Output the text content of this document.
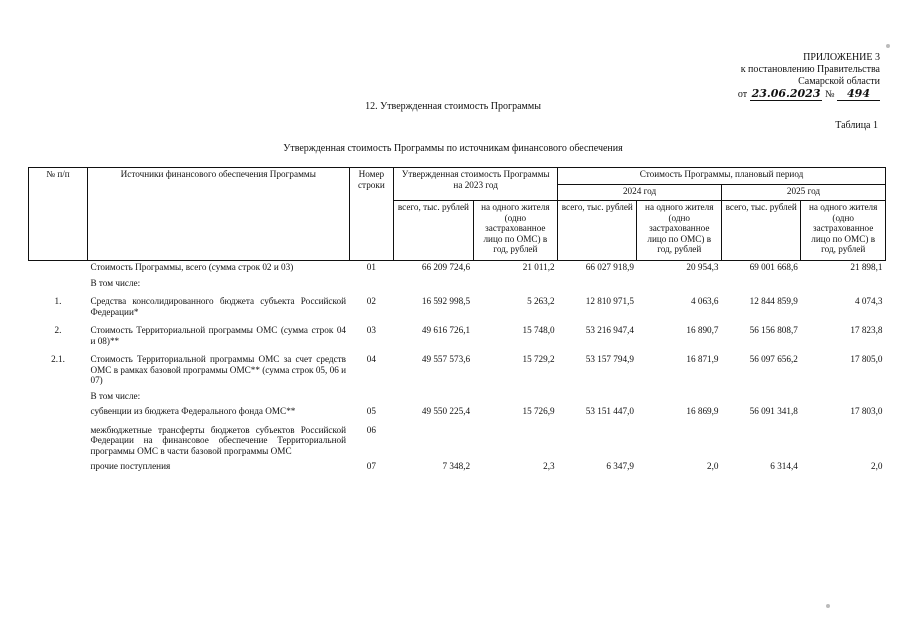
ПРИЛОЖЕНИЕ 3
к постановлению Правительства
Самарской области
от 23.06.2023 № 494
12. Утвержденная стоимость Программы
Таблица 1
Утвержденная стоимость Программы по источникам финансового обеспечения
№ п/п	Источники финансового обеспечения Программы	Номер строки	Утвержденная стоимость Программы на 2023 год		Стоимость Программы, плановый период			
					2024 год		2025 год	
			всего, тыс. рублей	на одного жителя (одно застрахованное лицо по ОМС) в год, рублей	всего, тыс. рублей	на одного жителя (одно застрахованное лицо по ОМС) в год, рублей	всего, тыс. рублей	на одного жителя (одно застрахованное лицо по ОМС) в год, рублей
	Стоимость Программы, всего (сумма строк 02 и 03)	01	66 209 724,6	21 011,2	66 027 918,9	20 954,3	69 001 668,6	21 898,1
	В том числе:							
1.	Средства консолидированного бюджета субъекта Российской Федерации*	02	16 592 998,5	5 263,2	12 810 971,5	4 063,6	12 844 859,9	4 074,3
2.	Стоимость Территориальной программы ОМС (сумма строк 04 и 08)**	03	49 616 726,1	15 748,0	53 216 947,4	16 890,7	56 156 808,7	17 823,8
2.1.	Стоимость Территориальной программы ОМС за счет средств ОМС в рамках базовой программы ОМС** (сумма строк 05, 06 и 07)	04	49 557 573,6	15 729,2	53 157 794,9	16 871,9	56 097 656,2	17 805,0
	В том числе:							
	субвенции из бюджета Федерального фонда ОМС**	05	49 550 225,4	15 726,9	53 151 447,0	16 869,9	56 091 341,8	17 803,0
	межбюджетные трансферты бюджетов субъектов Российской Федерации на финансовое обеспечение Территориальной программы ОМС в части базовой программы ОМС	06						
	прочие поступления	07	7 348,2	2,3	6 347,9	2,0	6 314,4	2,0
